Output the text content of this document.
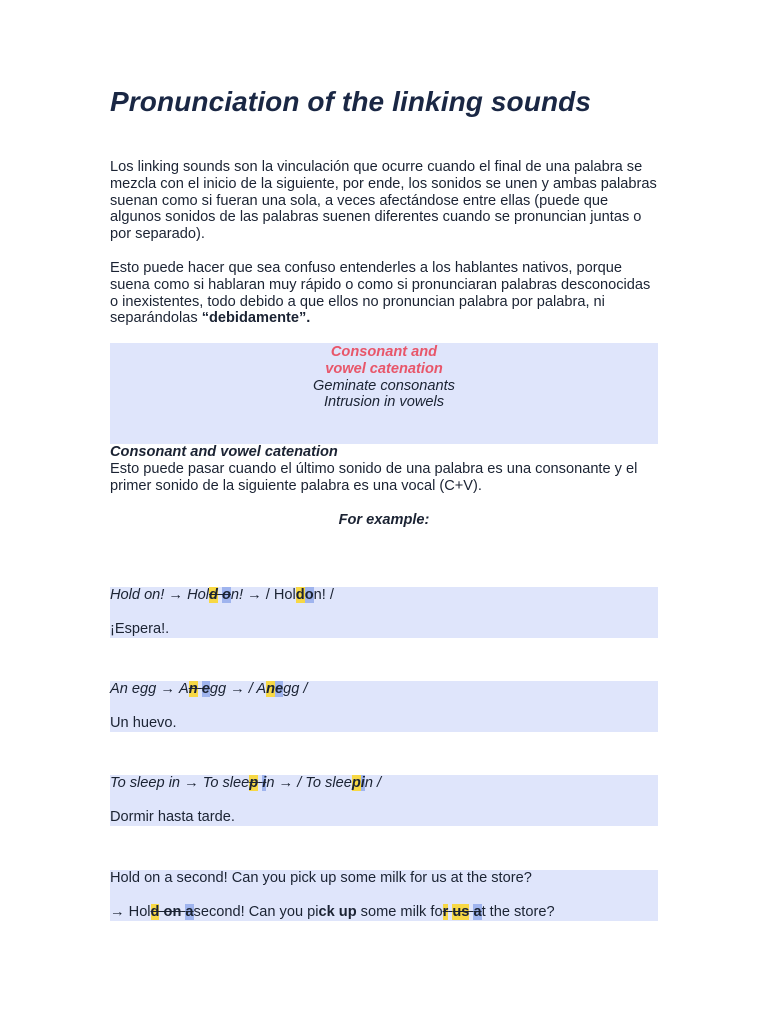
Pronunciation of the linking sounds

Los linking sounds son la vinculación que ocurre cuando el final de una palabra se mezcla con el inicio de la siguiente, por ende, los sonidos se unen y ambas palabras suenan como si fueran una sola, a veces afectándose entre ellas (puede que algunos sonidos de las palabras suenen diferentes cuando se pronuncian juntas o por separado).

Esto puede hacer que sea confuso entenderles a los hablantes nativos, porque suena como si hablaran muy rápido o como si pronunciaran palabras desconocidas o inexistentes, todo debido a que ellos no pronuncian palabra por palabra, ni separándolas “debidamente”.

Consonant and vowel catenation
Geminate consonants
Intrusion in vowels

Consonant and vowel catenation

Esto puede pasar cuando el último sonido de una palabra es una consonante y el primer sonido de la siguiente palabra es una vocal (C+V).

For example:
Hold on! → Hold on! → / Holdon! /
¡Espera!.
An egg → An egg → / Anegg /
Un huevo.
To sleep in → To sleep in → / To sleepin /
Dormir hasta tarde.
Hold on a second! Can you pick up some milk for us at the store?
→ Hold on asecond! Can you pick up some milk for us at the store?
